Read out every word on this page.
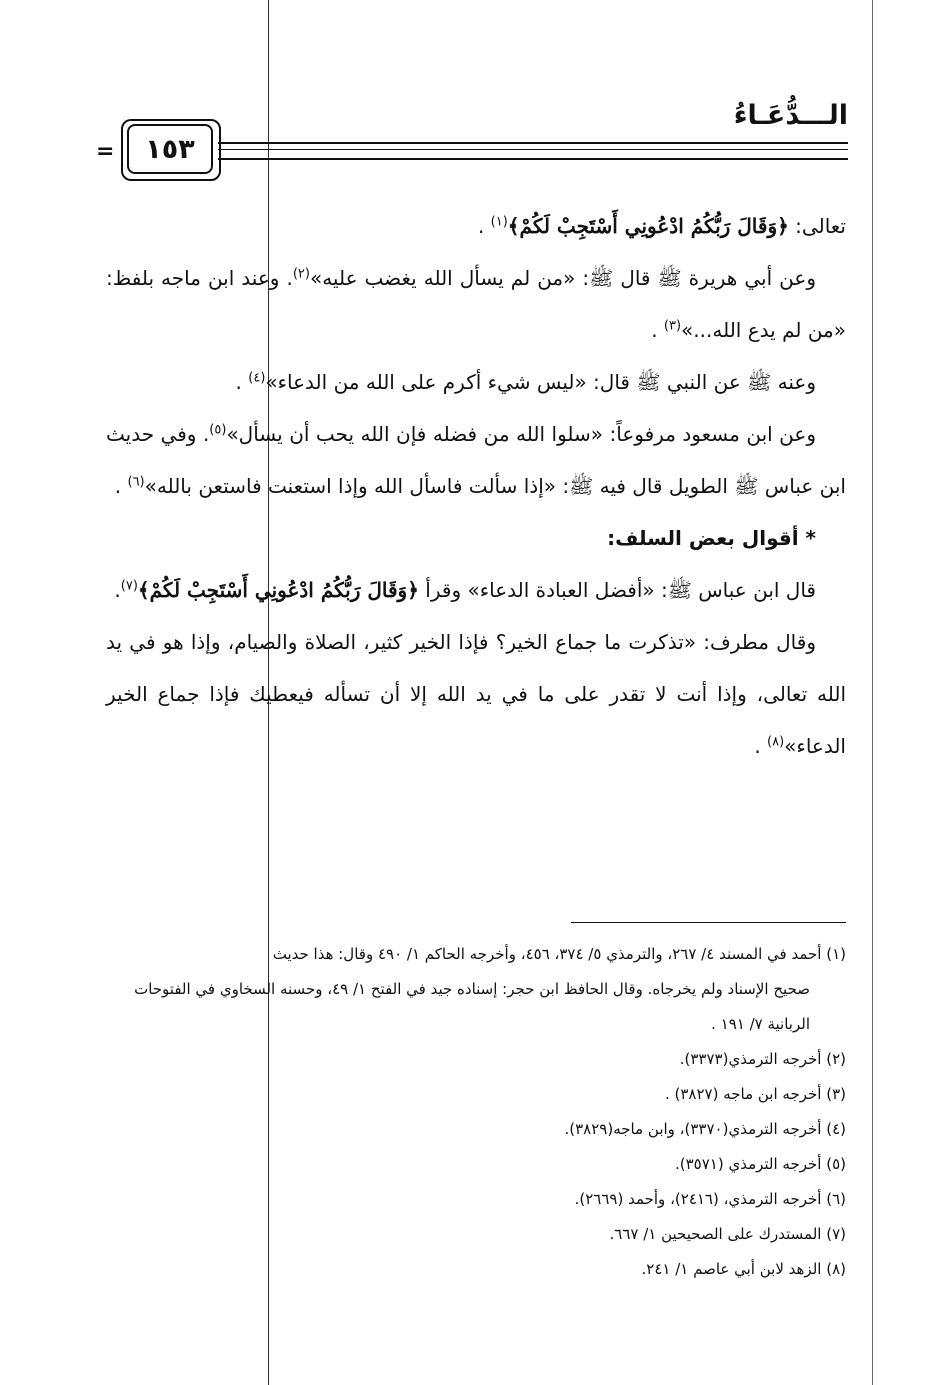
الـــدُّعَـاءُ
=	١٥٣

تعالى: ﴿وَقَالَ رَبُّكُمُ ادْعُونِي أَسْتَجِبْ لَكُمْ﴾$^{(١)}$ .

وعن أبي هريرة ﷺ قال ﷺ: «من لم يسأل الله يغضب عليه»$^{(٢)}$. وعند ابن ماجه بلفظ: «من لم يدع الله...»$^{(٣)}$ .

وعنه ﷺ عن النبي ﷺ قال: «ليس شيء أكرم على الله من الدعاء»$^{(٤)}$ .

وعن ابن مسعود مرفوعاً: «سلوا الله من فضله فإن الله يحب أن يسأل»$^{(٥)}$. وفي حديث ابن عباس ﷺ الطويل قال فيه ﷺ: «إذا سألت فاسأل الله وإذا استعنت فاستعن بالله»$^{(٦)}$ .

* أقوال بعض السلف:

قال ابن عباس ﷺ: «أفضل العبادة الدعاء» وقرأ ﴿وَقَالَ رَبُّكُمُ ادْعُونِي أَسْتَجِبْ لَكُمْ﴾$^{(٧)}$.

وقال مطرف: «تذكرت ما جماع الخير؟ فإذا الخير كثير، الصلاة والصيام، وإذا هو في يد الله تعالى، وإذا أنت لا تقدر على ما في يد الله إلا أن تسأله فيعطيك فإذا جماع الخير الدعاء»$^{(٨)}$ .

(١) أحمد في المسند ٤/ ٢٦٧، والترمذي ٥/ ٣٧٤، ٤٥٦، وأخرجه الحاكم ١/ ٤٩٠ وقال: هذا حديث
صحيح الإسناد ولم يخرجاه. وقال الحافظ ابن حجر: إسناده جيد في الفتح ١/ ٤٩، وحسنه السخاوي في الفتوحات الربانية ٧/ ١٩١ .
(٢) أخرجه الترمذي(٣٣٧٣).
(٣) أخرجه ابن ماجه (٣٨٢٧) .
(٤) أخرجه الترمذي(٣٣٧٠)، وابن ماجه(٣٨٢٩).
(٥) أخرجه الترمذي (٣٥٧١).
(٦) أخرجه الترمذي، (٢٤١٦)، وأحمد (٢٦٦٩).
(٧) المستدرك على الصحيحين ١/ ٦٦٧.
(٨) الزهد لابن أبي عاصم ١/ ٢٤١.
